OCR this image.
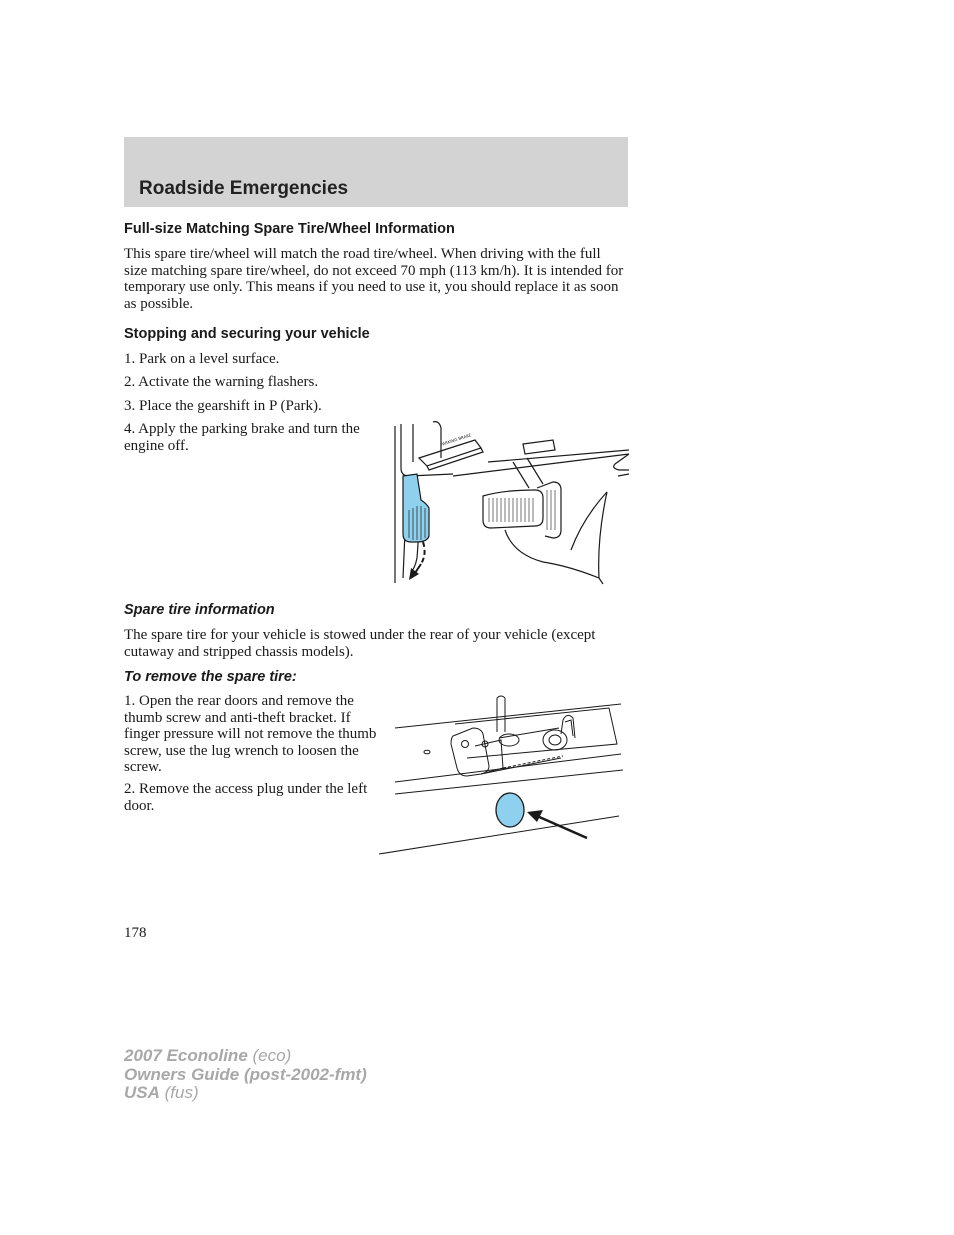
Roadside Emergencies
Full-size Matching Spare Tire/Wheel Information

This spare tire/wheel will match the road tire/wheel. When driving with the full size matching spare tire/wheel, do not exceed 70 mph (113 km/h). It is intended for temporary use only. This means if you need to use it, you should replace it as soon as possible.

Stopping and securing your vehicle

1. Park on a level surface.

2. Activate the warning flashers.

3. Place the gearshift in P (Park).

4. Apply the parking brake and turn the engine off.	PARKING BRAKE
Spare tire information

The spare tire for your vehicle is stowed under the rear of your vehicle (except cutaway and stripped chassis models).

To remove the spare tire:

1. Open the rear doors and remove the thumb screw and anti-theft bracket. If finger pressure will not remove the thumb screw, use the lug wrench to loosen the screw.

2. Remove the access plug under the left door.

178
2007 Econoline (eco)
Owners Guide (post-2002-fmt)
USA (fus)
